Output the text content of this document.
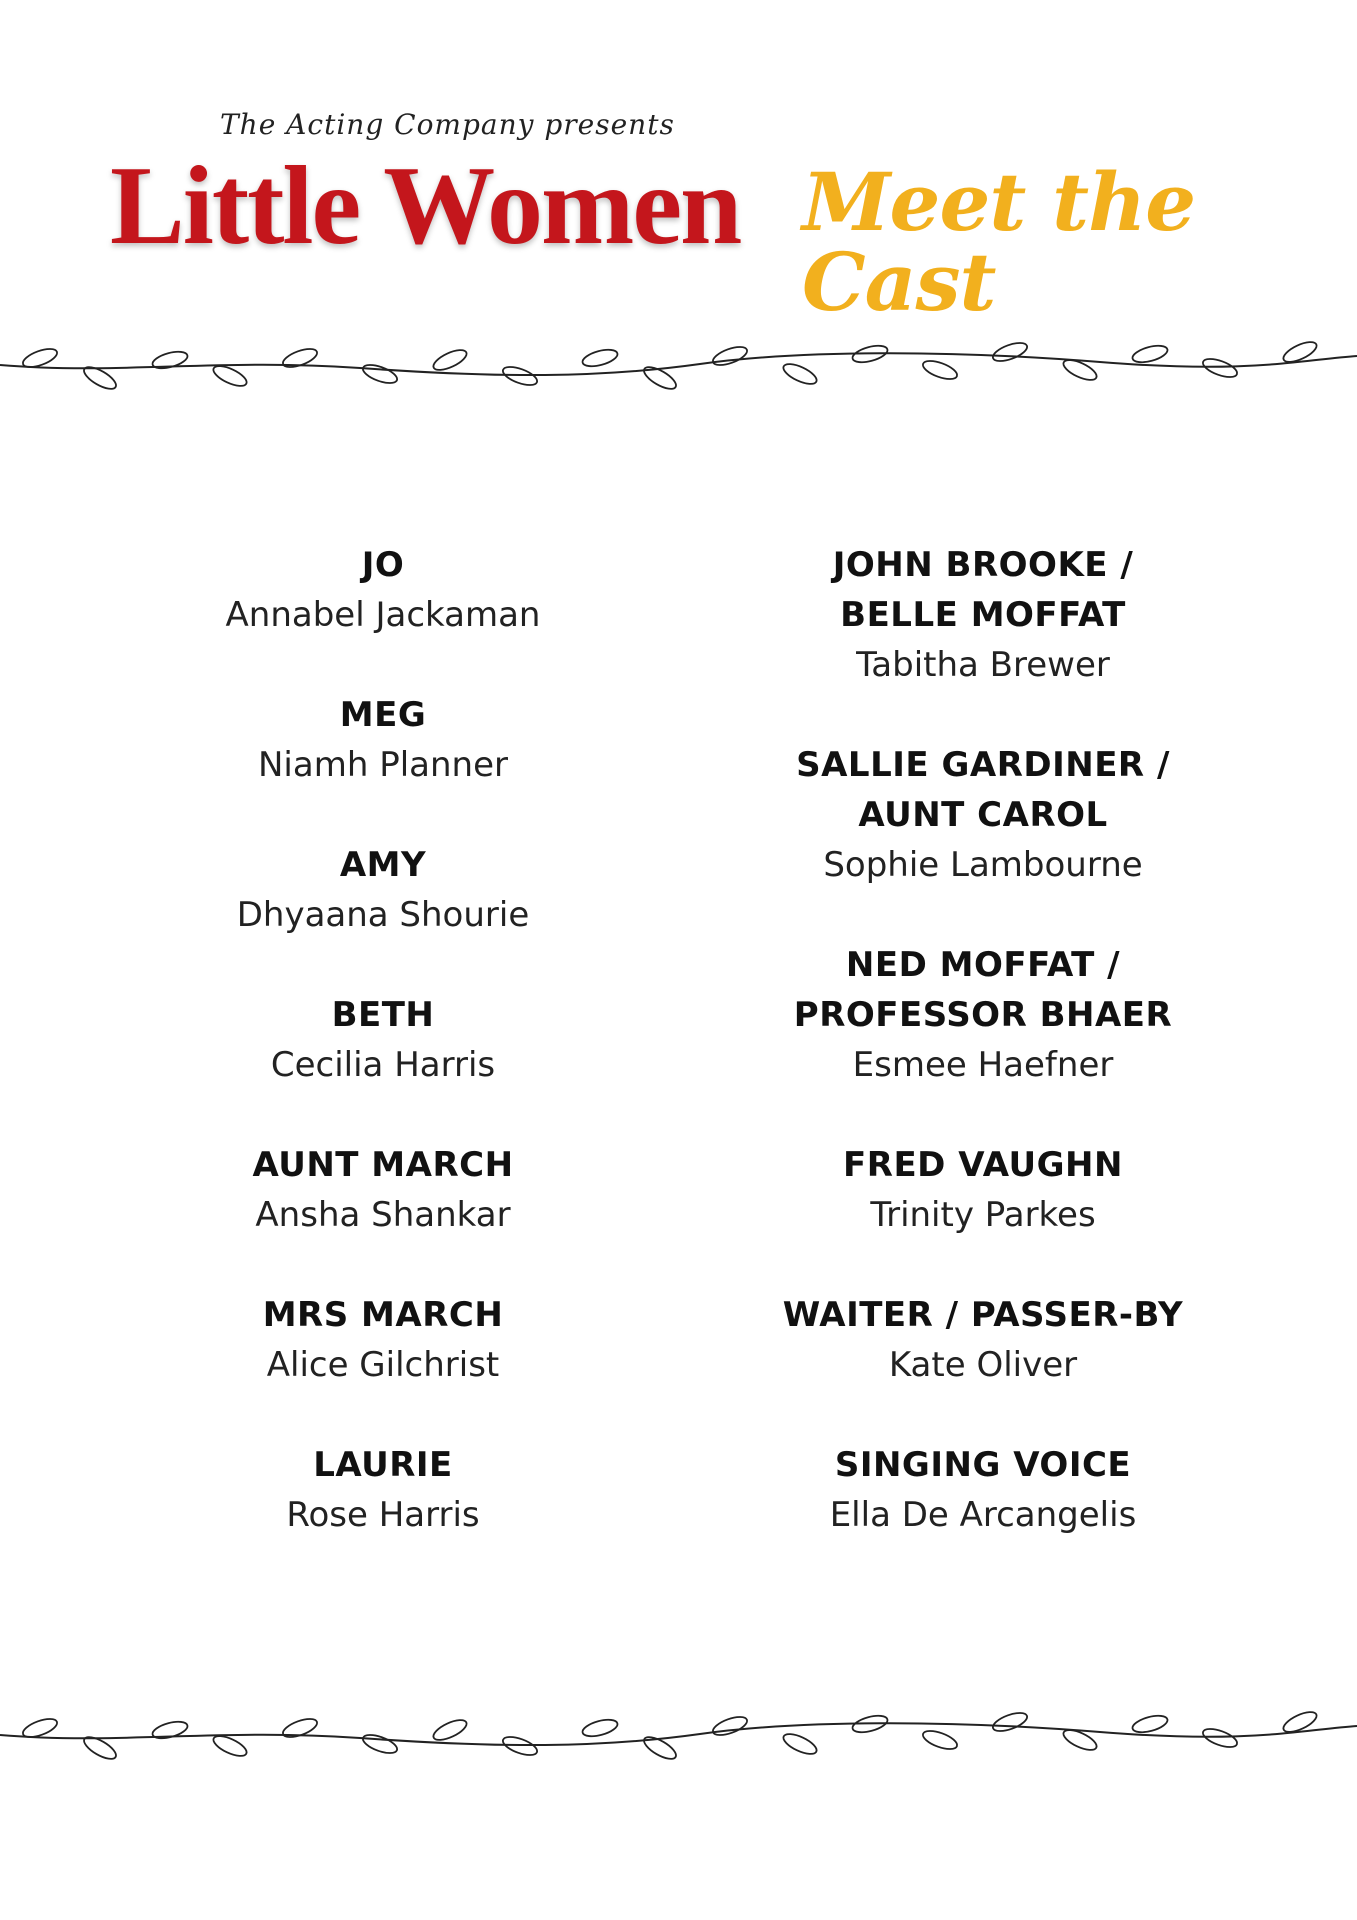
The Acting Company presents
Little Women Meet the Cast
JO
Annabel Jackaman
MEG
Niamh Planner
AMY
Dhyaana Shourie
BETH
Cecilia Harris
AUNT MARCH
Ansha Shankar
MRS MARCH
Alice Gilchrist
LAURIE
Rose Harris
JOHN BROOKE /
BELLE MOFFAT
Tabitha Brewer
SALLIE GARDINER /
AUNT CAROL
Sophie Lambourne
NED MOFFAT /
PROFESSOR BHAER
Esmee Haefner
FRED VAUGHN
Trinity Parkes
WAITER / PASSER-BY
Kate Oliver
SINGING VOICE
Ella De Arcangelis
